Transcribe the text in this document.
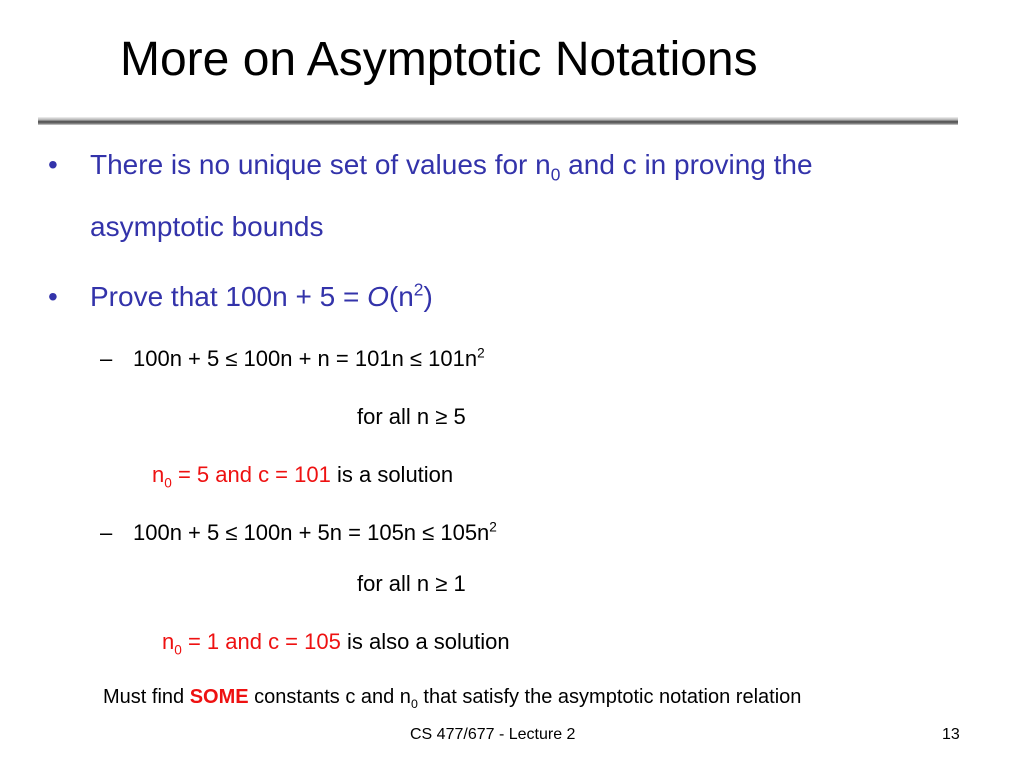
More on Asymptotic Notations
• There is no unique set of values for $n_0$ and c in proving the
asymptotic bounds
• Prove that $100n + 5 = O(n^2)$
– $100n + 5 \le 100n + n = 101n \le 101n^2$
for all n ≥ 5
$n_0 = 5$ and c = 101 is a solution
– $100n + 5 \le 100n + 5n = 105n \le 105n^2$
for all n ≥ 1
$n_0 = 1$ and c = 105 is also a solution
Must find SOME constants c and $n_0$ that satisfy the asymptotic notation relation
CS 477/677 - Lecture 2	13
